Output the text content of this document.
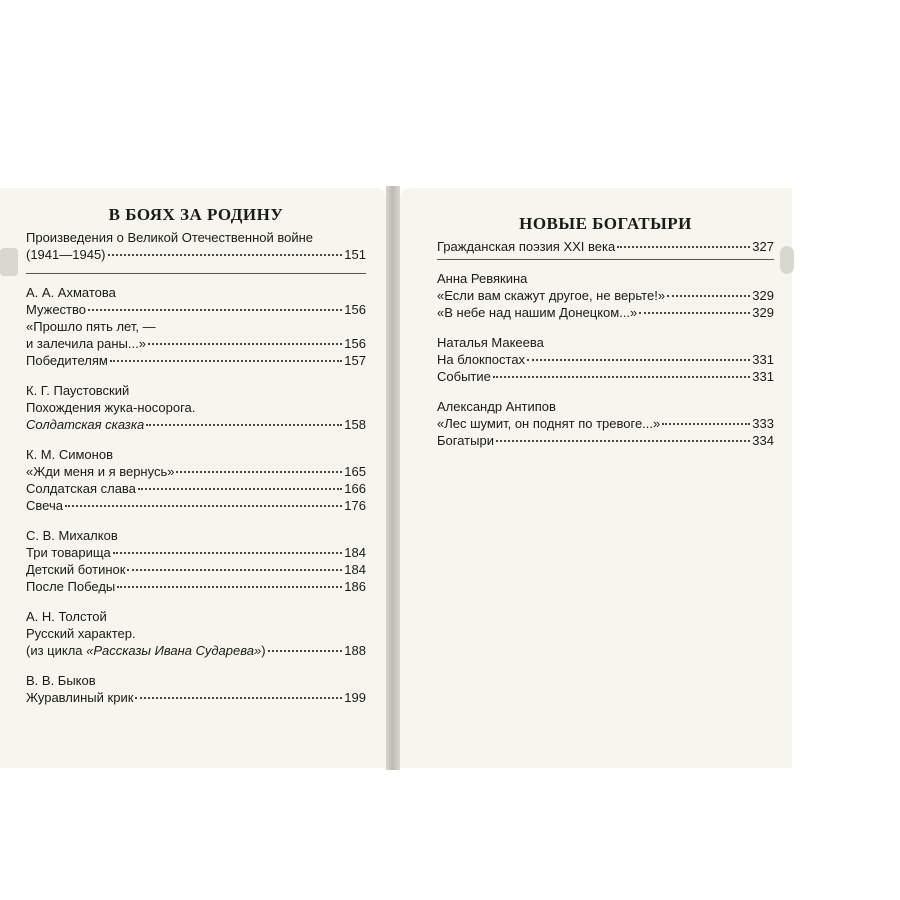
В БОЯХ ЗА РОДИНУ
Произведения о Великой Отечественной войне
(1941—1945)	151
А. А. Ахматова
Мужество	156
«Прошло пять лет, —
и залечила раны...»	156
Победителям	157
К. Г. Паустовский
Похождения жука-носорога.
Солдатская сказка	158
К. М. Симонов
«Жди меня и я вернусь»	165
Солдатская слава	166
Свеча	176
С. В. Михалков
Три товарища	184
Детский ботинок	184
После Победы	186
А. Н. Толстой
Русский характер.
(из цикла «Рассказы Ивана Сударева»)	188
В. В. Быков
Журавлиный крик	199
НОВЫЕ БОГАТЫРИ
Гражданская поэзия XXI века	327
Анна Ревякина
«Если вам скажут другое, не верьте!»	329
«В небе над нашим Донецком...»	329
Наталья Макеева
На блокпостах	331
Событие	331
Александр Антипов
«Лес шумит, он поднят по тревоге...»	333
Богатыри	334
